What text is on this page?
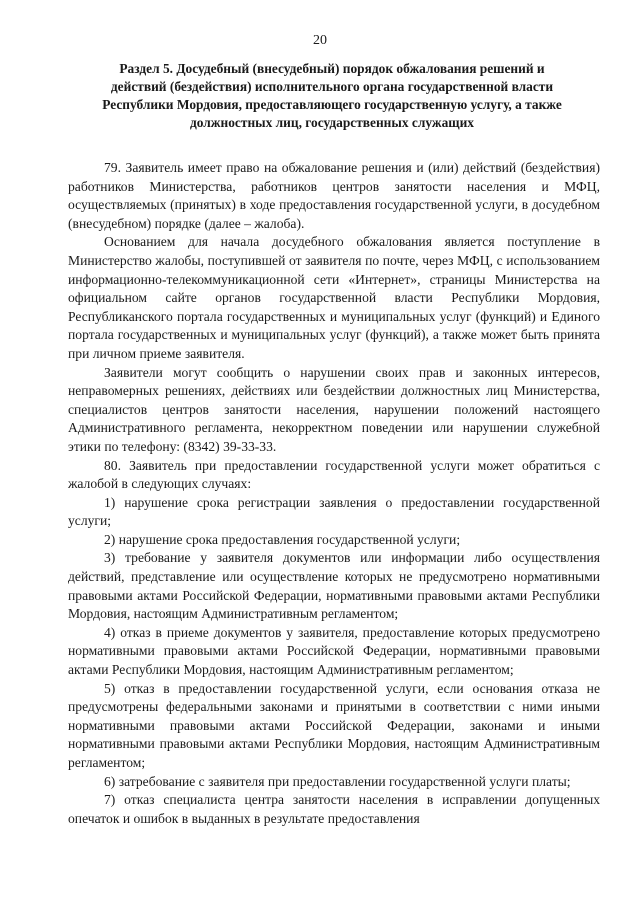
20
Раздел 5. Досудебный (внесудебный) порядок обжалования решений и
действий (бездействия) исполнительного органа государственной власти
Республики Мордовия, предоставляющего государственную услугу, а также
должностных лиц, государственных служащих

79. Заявитель имеет право на обжалование решения и (или) действий (бездействия) работников Министерства, работников центров занятости населения и МФЦ, осуществляемых (принятых) в ходе предоставления государственной услуги, в досудебном (внесудебном) порядке (далее – жалоба).

Основанием для начала досудебного обжалования является поступление в Министерство жалобы, поступившей от заявителя по почте, через МФЦ, с использованием информационно-телекоммуникационной сети «Интернет», страницы Министерства на официальном сайте органов государственной власти Республики Мордовия, Республиканского портала государственных и муниципальных услуг (функций) и Единого портала государственных и муниципальных услуг (функций), а также может быть принята при личном приеме заявителя.

Заявители могут сообщить о нарушении своих прав и законных интересов, неправомерных решениях, действиях или бездействии должностных лиц Министерства, специалистов центров занятости населения, нарушении положений настоящего Административного регламента, некорректном поведении или нарушении служебной этики по телефону: (8342) 39-33-33.

80. Заявитель при предоставлении государственной услуги может обратиться с жалобой в следующих случаях:

1) нарушение срока регистрации заявления о предоставлении государственной услуги;

2) нарушение срока предоставления государственной услуги;

3) требование у заявителя документов или информации либо осуществления действий, представление или осуществление которых не предусмотрено нормативными правовыми актами Российской Федерации, нормативными правовыми актами Республики Мордовия, настоящим Административным регламентом;

4) отказ в приеме документов у заявителя, предоставление которых предусмотрено нормативными правовыми актами Российской Федерации, нормативными правовыми актами Республики Мордовия, настоящим Административным регламентом;

5) отказ в предоставлении государственной услуги, если основания отказа не предусмотрены федеральными законами и принятыми в соответствии с ними иными нормативными правовыми актами Российской Федерации, законами и иными нормативными правовыми актами Республики Мордовия, настоящим Административным регламентом;

6) затребование с заявителя при предоставлении государственной услуги платы;

7) отказ специалиста центра занятости населения в исправлении допущенных опечаток и ошибок в выданных в результате предоставления
